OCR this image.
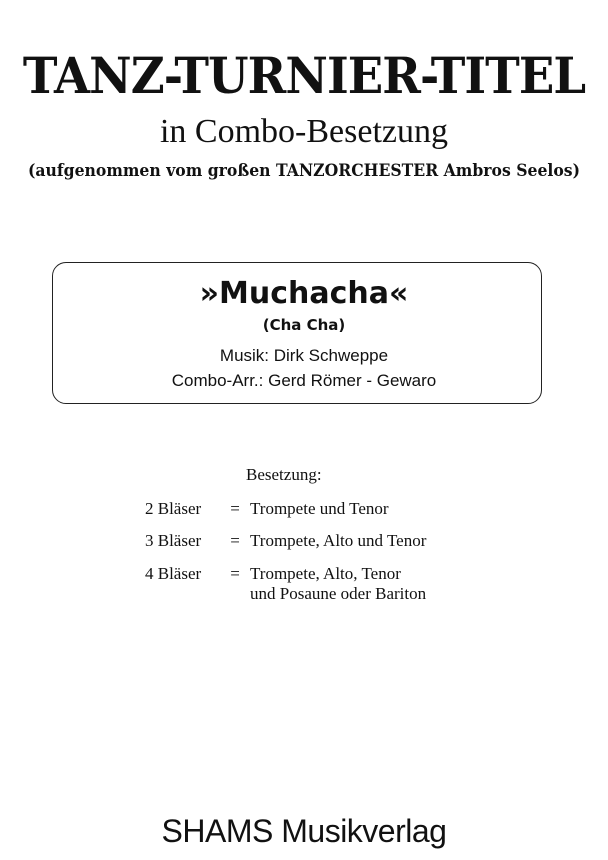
TANZ-TURNIER-TITEL
in Combo-Besetzung
(aufgenommen vom großen TANZORCHESTER Ambros Seelos)
»Muchacha«
(Cha Cha)
Musik: Dirk Schweppe
Combo-Arr.: Gerd Römer - Gewaro
Besetzung:
2 Bläser	= Trompete und Tenor
3 Bläser	= Trompete, Alto und Tenor
4 Bläser	= Trompete, Alto, Tenor
und Posaune oder Bariton
SHAMS Musikverlag
